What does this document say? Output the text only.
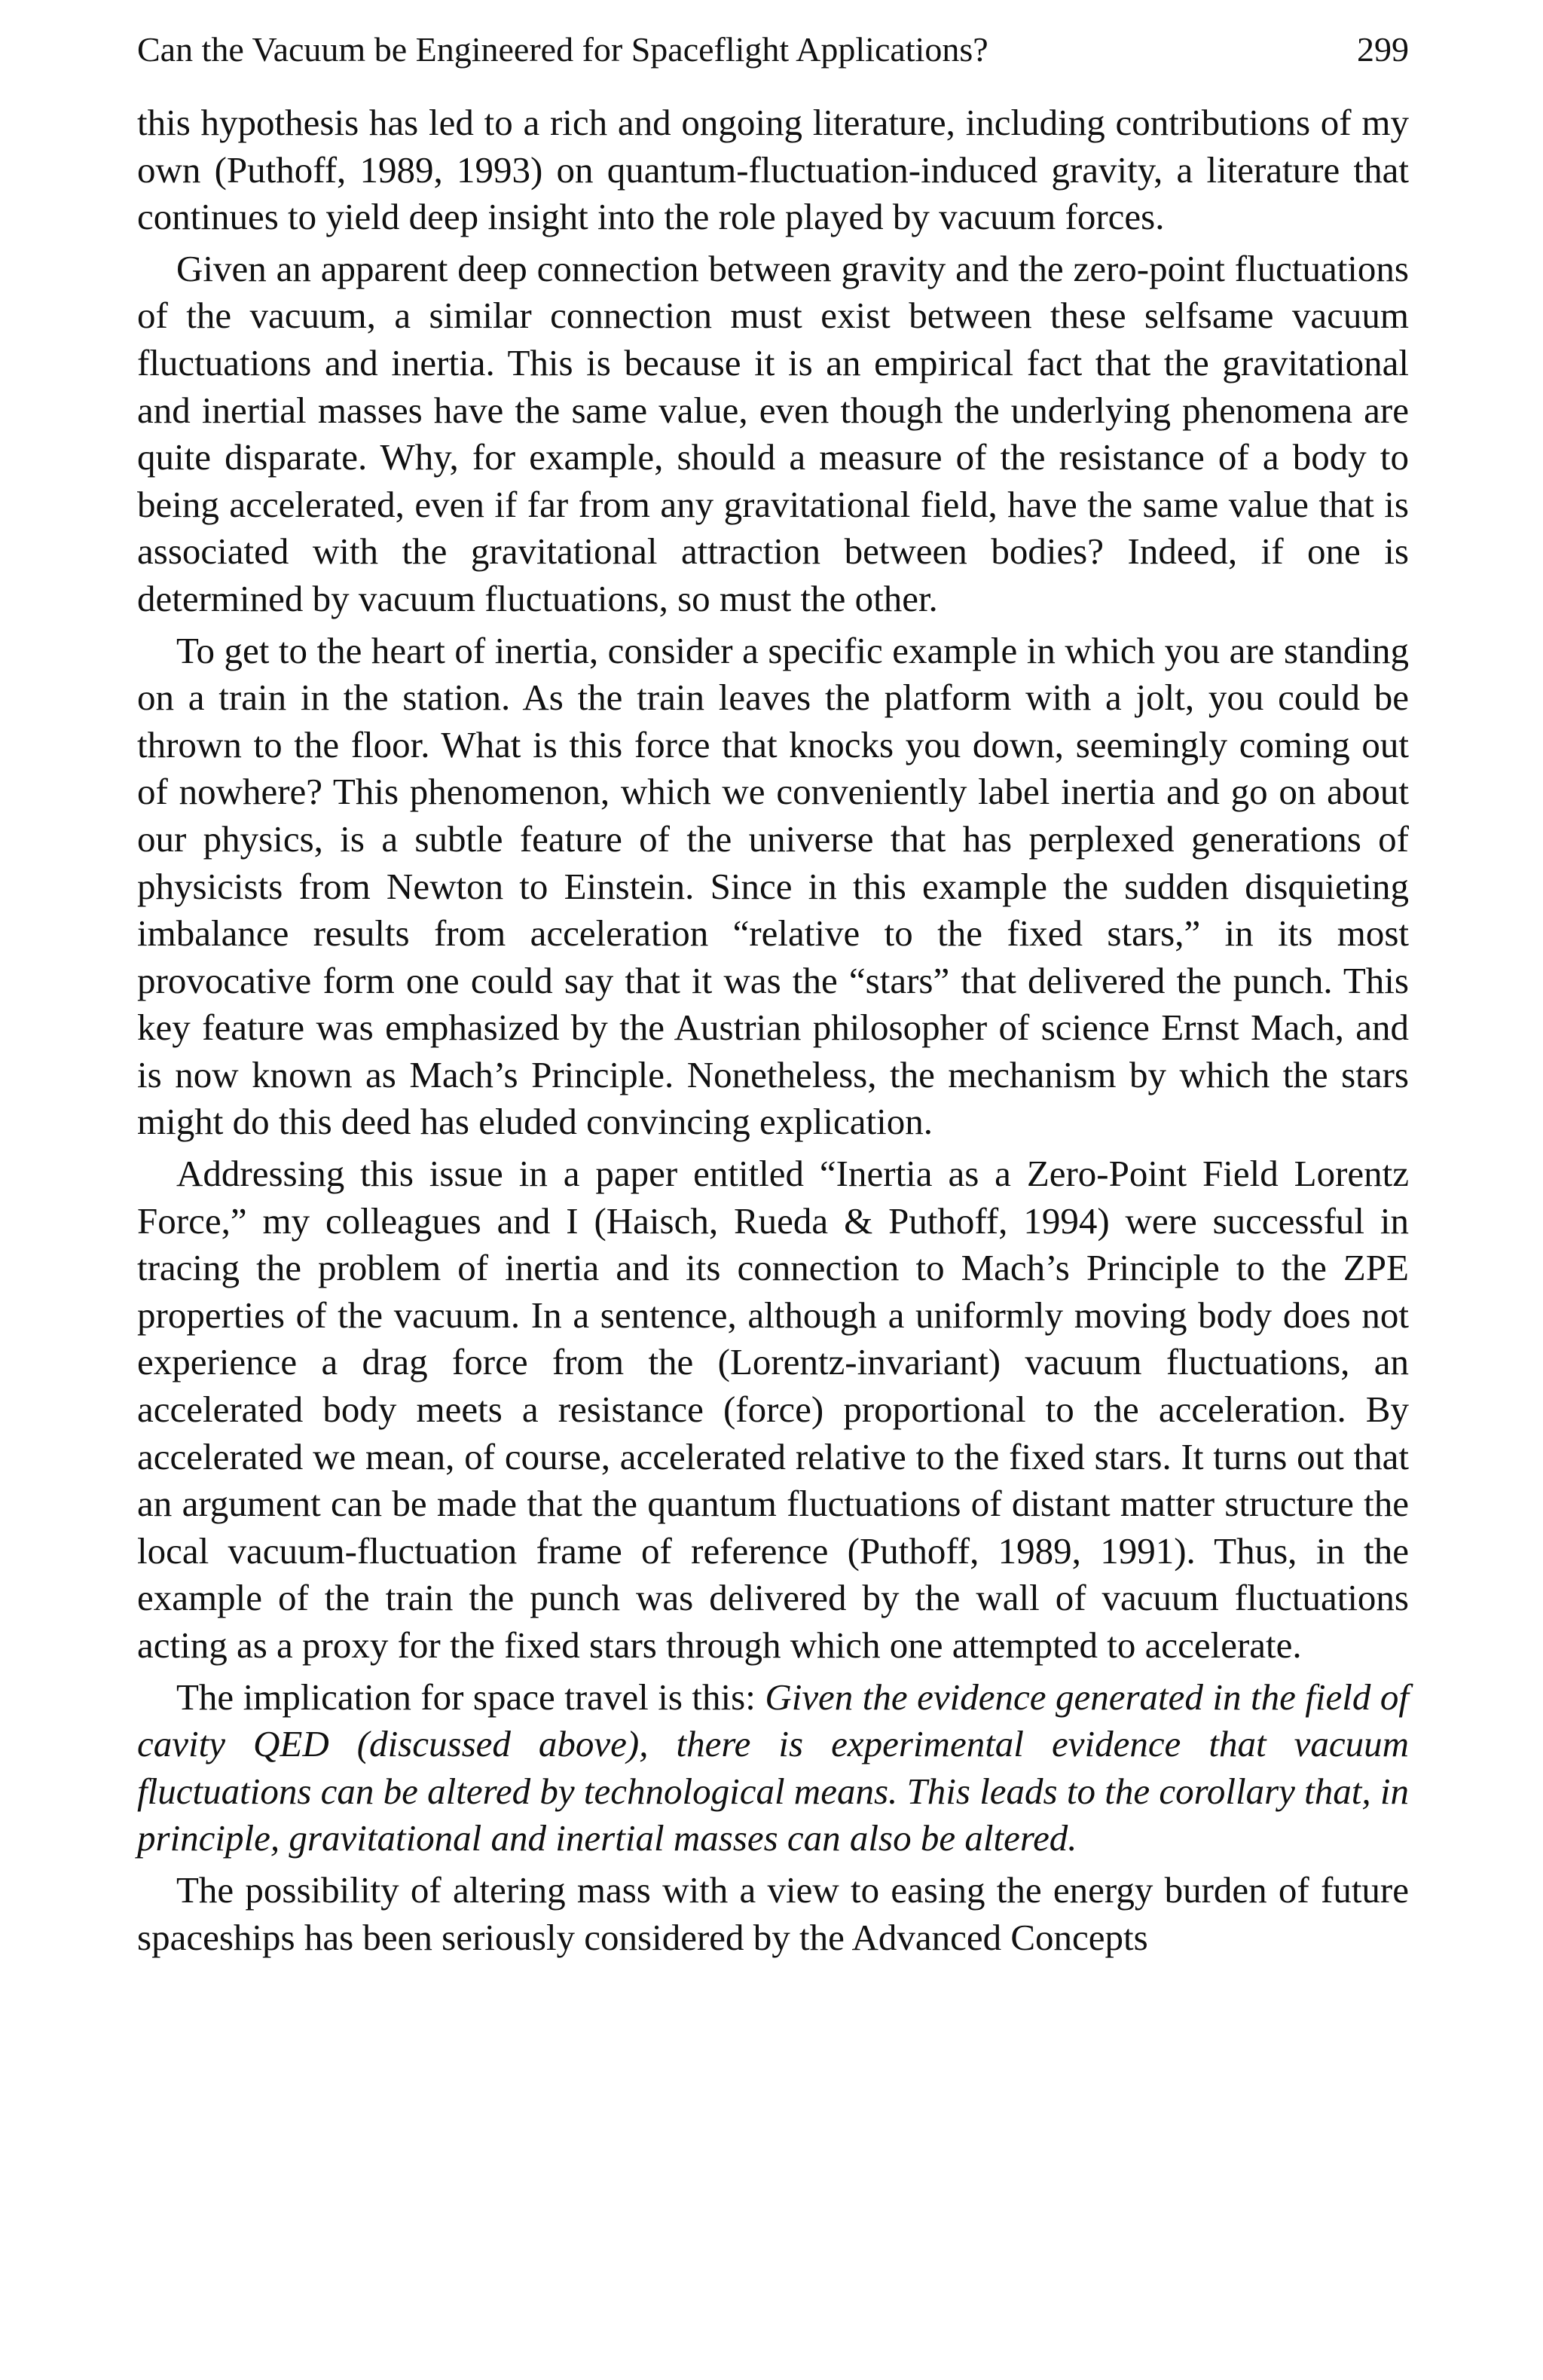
Can the Vacuum be Engineered for Spaceflight Applications?	299

this hypothesis has led to a rich and ongoing literature, including contributions of my own (Puthoff, 1989, 1993) on quantum-fluctuation-induced gravity, a literature that continues to yield deep insight into the role played by vacuum forces.

Given an apparent deep connection between gravity and the zero-point fluctuations of the vacuum, a similar connection must exist between these selfsame vacuum fluctuations and inertia. This is because it is an empirical fact that the gravitational and inertial masses have the same value, even though the underlying phenomena are quite disparate. Why, for example, should a measure of the resistance of a body to being accelerated, even if far from any gravitational field, have the same value that is associated with the gravitational attraction between bodies? Indeed, if one is determined by vacuum fluctuations, so must the other.

To get to the heart of inertia, consider a specific example in which you are standing on a train in the station. As the train leaves the platform with a jolt, you could be thrown to the floor. What is this force that knocks you down, seemingly coming out of nowhere? This phenomenon, which we conveniently label inertia and go on about our physics, is a subtle feature of the universe that has perplexed generations of physicists from Newton to Einstein. Since in this example the sudden disquieting imbalance results from acceleration “relative to the fixed stars,” in its most provocative form one could say that it was the “stars” that delivered the punch. This key feature was emphasized by the Austrian philosopher of science Ernst Mach, and is now known as Mach’s Principle. Nonetheless, the mechanism by which the stars might do this deed has eluded convincing explication.

Addressing this issue in a paper entitled “Inertia as a Zero-Point Field Lorentz Force,” my colleagues and I (Haisch, Rueda & Puthoff, 1994) were successful in tracing the problem of inertia and its connection to Mach’s Principle to the ZPE properties of the vacuum. In a sentence, although a uniformly moving body does not experience a drag force from the (Lorentz-invariant) vacuum fluctuations, an accelerated body meets a resistance (force) proportional to the acceleration. By accelerated we mean, of course, accelerated relative to the fixed stars. It turns out that an argument can be made that the quantum fluctuations of distant matter structure the local vacuum-fluctuation frame of reference (Puthoff, 1989, 1991). Thus, in the example of the train the punch was delivered by the wall of vacuum fluctuations acting as a proxy for the fixed stars through which one attempted to accelerate.

The implication for space travel is this: Given the evidence generated in the field of cavity QED (discussed above), there is experimental evidence that vacuum fluctuations can be altered by technological means. This leads to the corollary that, in principle, gravitational and inertial masses can also be altered.

The possibility of altering mass with a view to easing the energy burden of future spaceships has been seriously considered by the Advanced Concepts
